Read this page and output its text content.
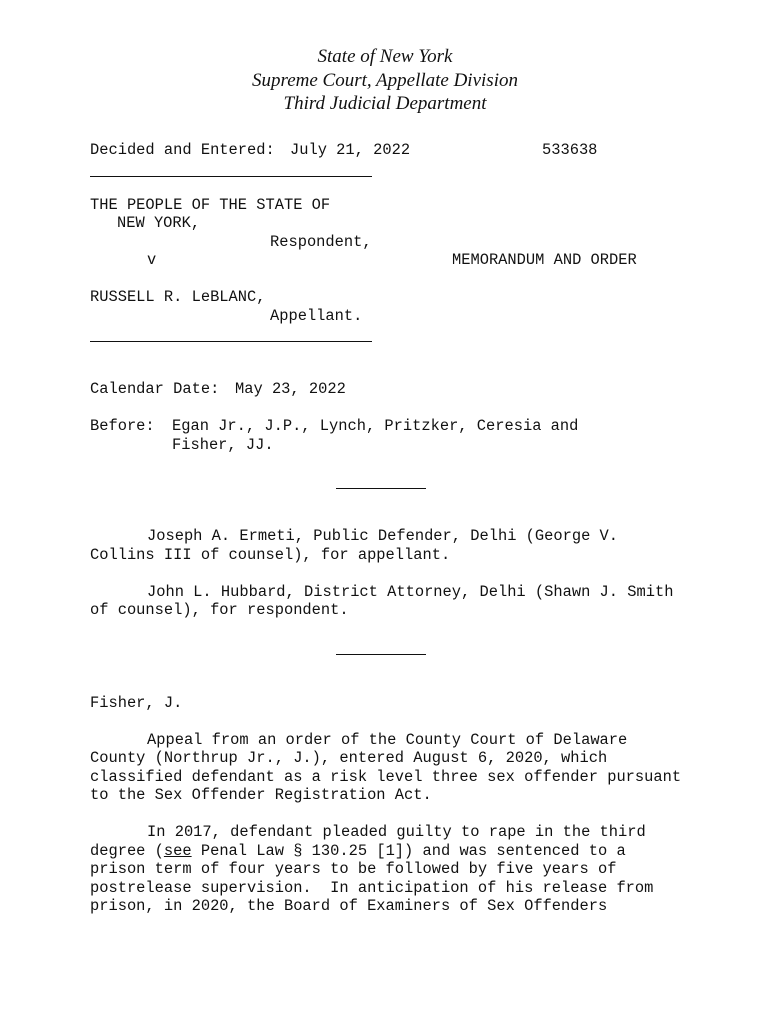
State of New York
Supreme Court, Appellate Division
Third Judicial Department
Decided and Entered: July 21, 2022	533638
THE PEOPLE OF THE STATE OF
NEW YORK,
Respondent,
v	MEMORANDUM AND ORDER
RUSSELL R. LeBLANC,
Appellant.
Calendar Date: May 23, 2022
Before: Egan Jr., J.P., Lynch, Pritzker, Ceresia and
Fisher, JJ.
Joseph A. Ermeti, Public Defender, Delhi (George V.
Collins III of counsel), for appellant.
John L. Hubbard, District Attorney, Delhi (Shawn J. Smith
of counsel), for respondent.
Fisher, J.
Appeal from an order of the County Court of Delaware
County (Northrup Jr., J.), entered August 6, 2020, which
classified defendant as a risk level three sex offender pursuant
to the Sex Offender Registration Act.
In 2017, defendant pleaded guilty to rape in the third
degree (see Penal Law § 130.25 [1]) and was sentenced to a
prison term of four years to be followed by five years of
postrelease supervision.  In anticipation of his release from
prison, in 2020, the Board of Examiners of Sex Offenders
